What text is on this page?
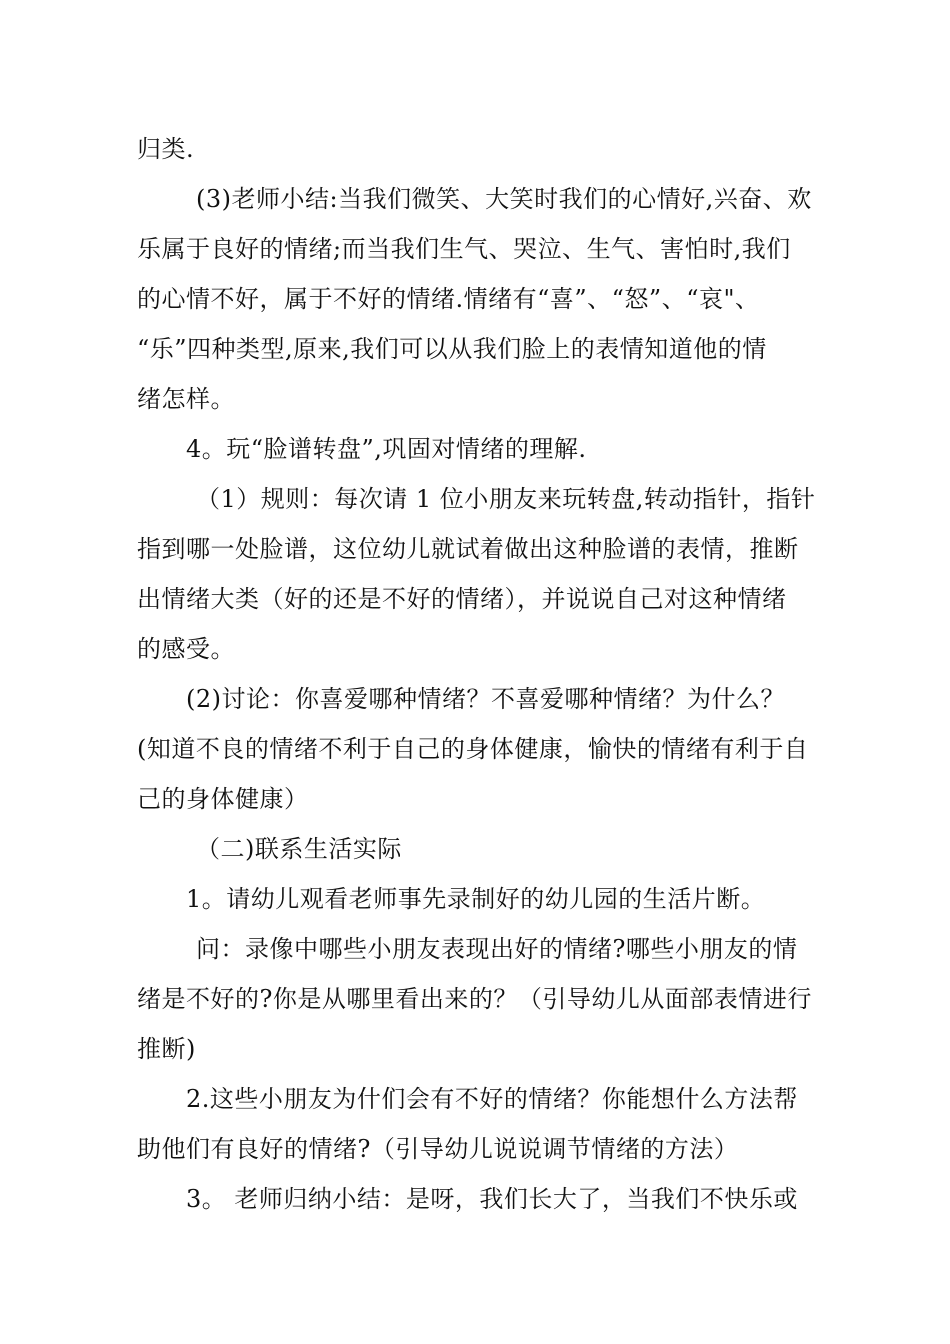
归类.
(3)老师小结:当我们微笑、大笑时我们的心情好,兴奋、欢
乐属于良好的情绪;而当我们生气、哭泣、生气、害怕时,我们
的心情不好，属于不好的情绪.情绪有“喜”、“怒”、“哀"、
“乐”四种类型,原来,我们可以从我们脸上的表情知道他的情
绪怎样。
4。玩“脸谱转盘”,巩固对情绪的理解.
（1）规则：每次请 1 位小朋友来玩转盘,转动指针，指针
指到哪一处脸谱，这位幼儿就试着做出这种脸谱的表情，推断
出情绪大类（好的还是不好的情绪），并说说自己对这种情绪
的感受。
(2)讨论：你喜爱哪种情绪？不喜爱哪种情绪？为什么？
(知道不良的情绪不利于自己的身体健康，愉快的情绪有利于自
己的身体健康）
（二)联系生活实际
1。请幼儿观看老师事先录制好的幼儿园的生活片断。
问：录像中哪些小朋友表现出好的情绪?哪些小朋友的情
绪是不好的?你是从哪里看出来的？（引导幼儿从面部表情进行
推断)
2.这些小朋友为什们会有不好的情绪？你能想什么方法帮
助他们有良好的情绪?（引导幼儿说说调节情绪的方法）
3。 老师归纳小结：是呀，我们长大了，当我们不快乐或
